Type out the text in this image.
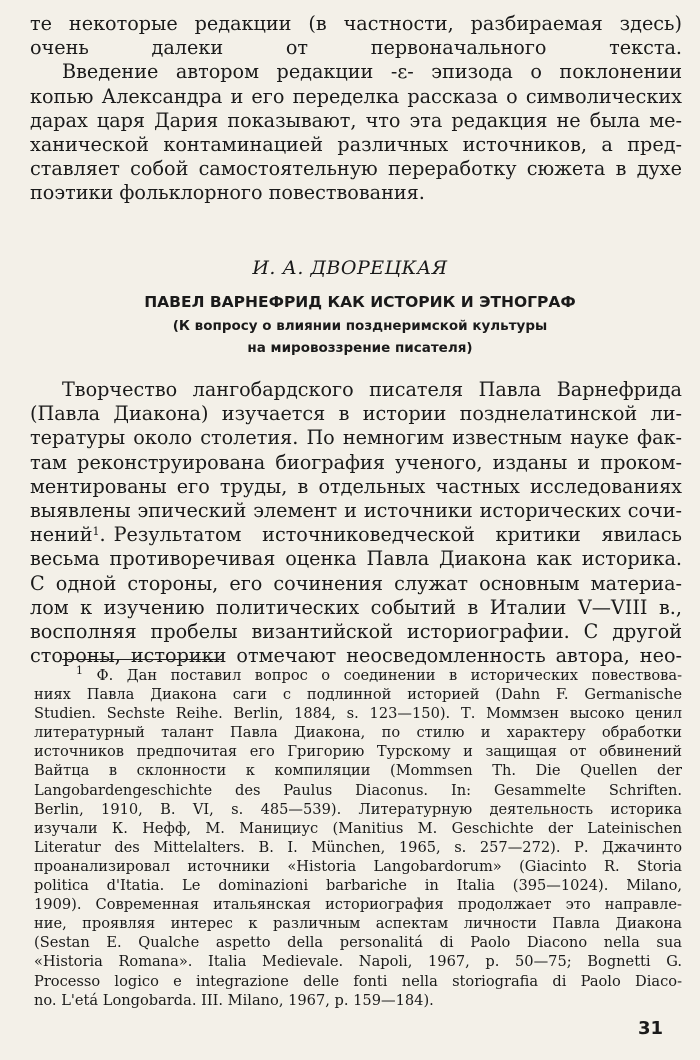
те некоторые редакции (в частности, разбираемая здесь)
очень далеки от первоначального текста.

Введение автором редакции -ε- эпизода о поклонении
копью Александра и его переделка рассказа о символических
дарах царя Дария показывают, что эта редакция не была ме-
ханической контаминацией различных источников, а пред-
ставляет собой самостоятельную переработку сюжета в духе
поэтики фольклорного повествования.

И. А. ДВОРЕЦКАЯ
ПАВЕЛ ВАРНЕФРИД КАК ИСТОРИК И ЭТНОГРАФ
(К вопросу о влиянии позднеримской культуры
на мировоззрение писателя)
Творчество лангобардского писателя Павла Варнефрида
(Павла Диакона) изучается в истории позднелатинской ли-
тературы около столетия. По немногим известным науке фак-
там реконструирована биография ученого, изданы и проком-
ментированы его труды, в отдельных частных исследованиях
выявлены эпический элемент и источники исторических сочи-
нений$^1$. Результатом источниковедческой критики явилась
весьма противоречивая оценка Павла Диакона как историка.
С одной стороны, его сочинения служат основным материа-
лом к изучению политических событий в Италии V—VIII в.,
восполняя пробелы византийской историографии. С другой
стороны, историки отмечают неосведомленность автора, нео-
$^1$ Ф. Дан поставил вопрос о соединении в исторических повествова-
ниях Павла Диакона саги с подлинной историей (Dahn F. Germanische
Studien. Sechste Reihe. Berlin, 1884, s. 123—150). Т. Моммзен высоко ценил
литературный талант Павла Диакона, по стилю и характеру обработки
источников предпочитая его Григорию Турскому и защищая от обвинений
Вайтца в склонности к компиляции (Mommsen Th. Die Quellen der
Langobardengeschichte des Paulus Diaconus. In: Gesammelte Schriften.
Berlin, 1910, B. VI, s. 485—539). Литературную деятельность историка
изучали К. Нефф, М. Манициус (Manitius M. Geschichte der Lateinischen
Literatur des Mittelalters. B. I. München, 1965, s. 257—272). Р. Джачинто
проанализировал источники «Historia Langobardorum» (Giacinto R. Storia
politica d'Itatia. Le dominazioni barbariche in Italia (395—1024). Milano,
1909). Современная итальянская историография продолжает это направле-
ние, проявляя интерес к различным аспектам личности Павла Диакона
(Sestan E. Qualche aspetto della personalitá di Paolo Diacono nella sua
«Historia Romana». Italia Medievale. Napoli, 1967, p. 50—75; Bognetti G.
Processo logico e integrazione delle fonti nella storiografia di Paolo Diaco-
no. L'etá Longobarda. III. Milano, 1967, p. 159—184).
31
